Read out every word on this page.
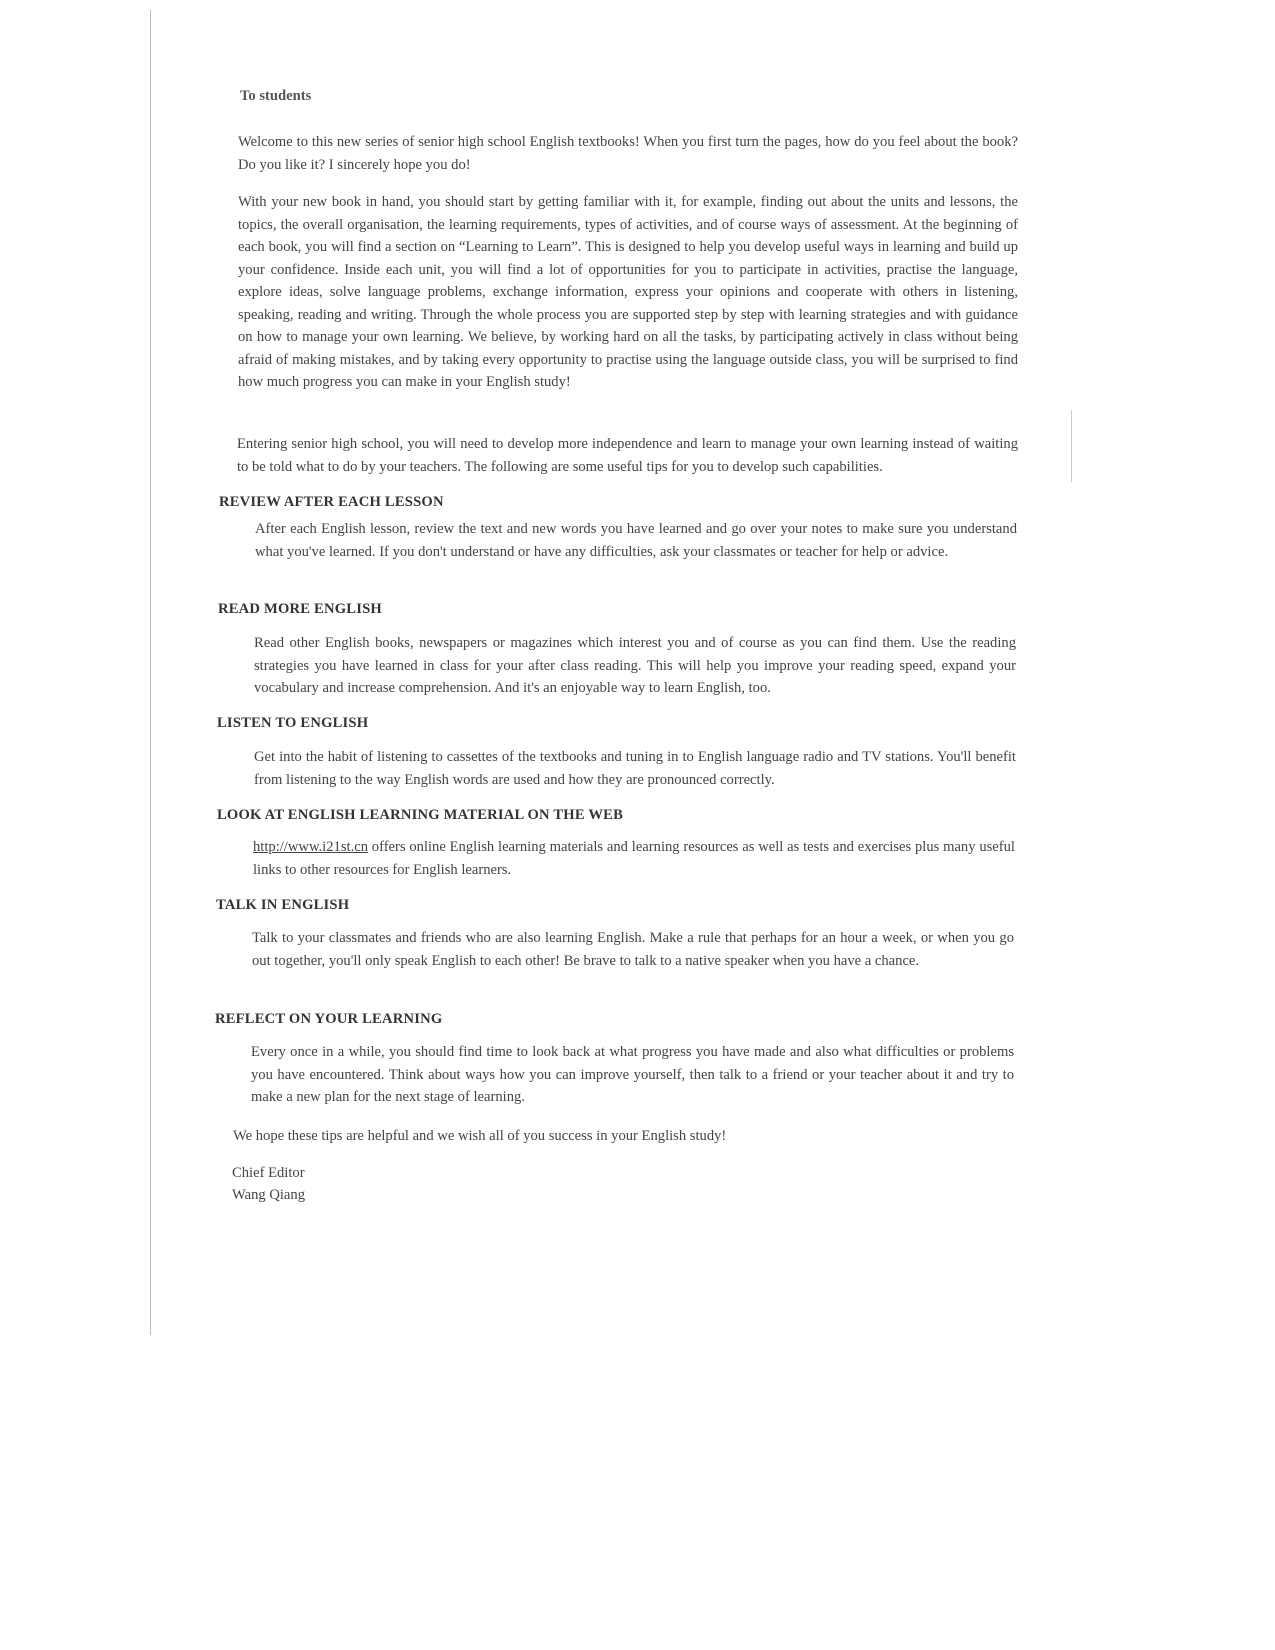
To students
Welcome to this new series of senior high school English textbooks! When you first turn the pages, how do you feel about the book? Do you like it? I sincerely hope you do!
With your new book in hand, you should start by getting familiar with it, for example, finding out about the units and lessons, the topics, the overall organisation, the learning requirements, types of activities, and of course ways of assessment. At the beginning of each book, you will find a section on “Learning to Learn”. This is designed to help you develop useful ways in learning and build up your confidence. Inside each unit, you will find a lot of opportunities for you to participate in activities, practise the language, explore ideas, solve language problems, exchange information, express your opinions and cooperate with others in listening, speaking, reading and writing. Through the whole process you are supported step by step with learning strategies and with guidance on how to manage your own learning. We believe, by working hard on all the tasks, by participating actively in class without being afraid of making mistakes, and by taking every opportunity to practise using the language outside class, you will be surprised to find how much progress you can make in your English study!
Entering senior high school, you will need to develop more independence and learn to manage your own learning instead of waiting to be told what to do by your teachers. The following are some useful tips for you to develop such capabilities.
REVIEW AFTER EACH LESSON
After each English lesson, review the text and new words you have learned and go over your notes to make sure you understand what you've learned. If you don't understand or have any difficulties, ask your classmates or teacher for help or advice.
READ MORE ENGLISH
Read other English books, newspapers or magazines which interest you and of course as you can find them. Use the reading strategies you have learned in class for your after class reading. This will help you improve your reading speed, expand your vocabulary and increase comprehension. And it's an enjoyable way to learn English, too.
LISTEN TO ENGLISH
Get into the habit of listening to cassettes of the textbooks and tuning in to English language radio and TV stations. You'll benefit from listening to the way English words are used and how they are pronounced correctly.
LOOK AT ENGLISH LEARNING MATERIAL ON THE WEB
http://www.i21st.cn offers online English learning materials and learning resources as well as tests and exercises plus many useful links to other resources for English learners.
TALK IN ENGLISH
Talk to your classmates and friends who are also learning English. Make a rule that perhaps for an hour a week, or when you go out together, you'll only speak English to each other! Be brave to talk to a native speaker when you have a chance.
REFLECT ON YOUR LEARNING
Every once in a while, you should find time to look back at what progress you have made and also what difficulties or problems you have encountered. Think about ways how you can improve yourself, then talk to a friend or your teacher about it and try to make a new plan for the next stage of learning.
We hope these tips are helpful and we wish all of you success in your English study!
Chief Editor
Wang Qiang
